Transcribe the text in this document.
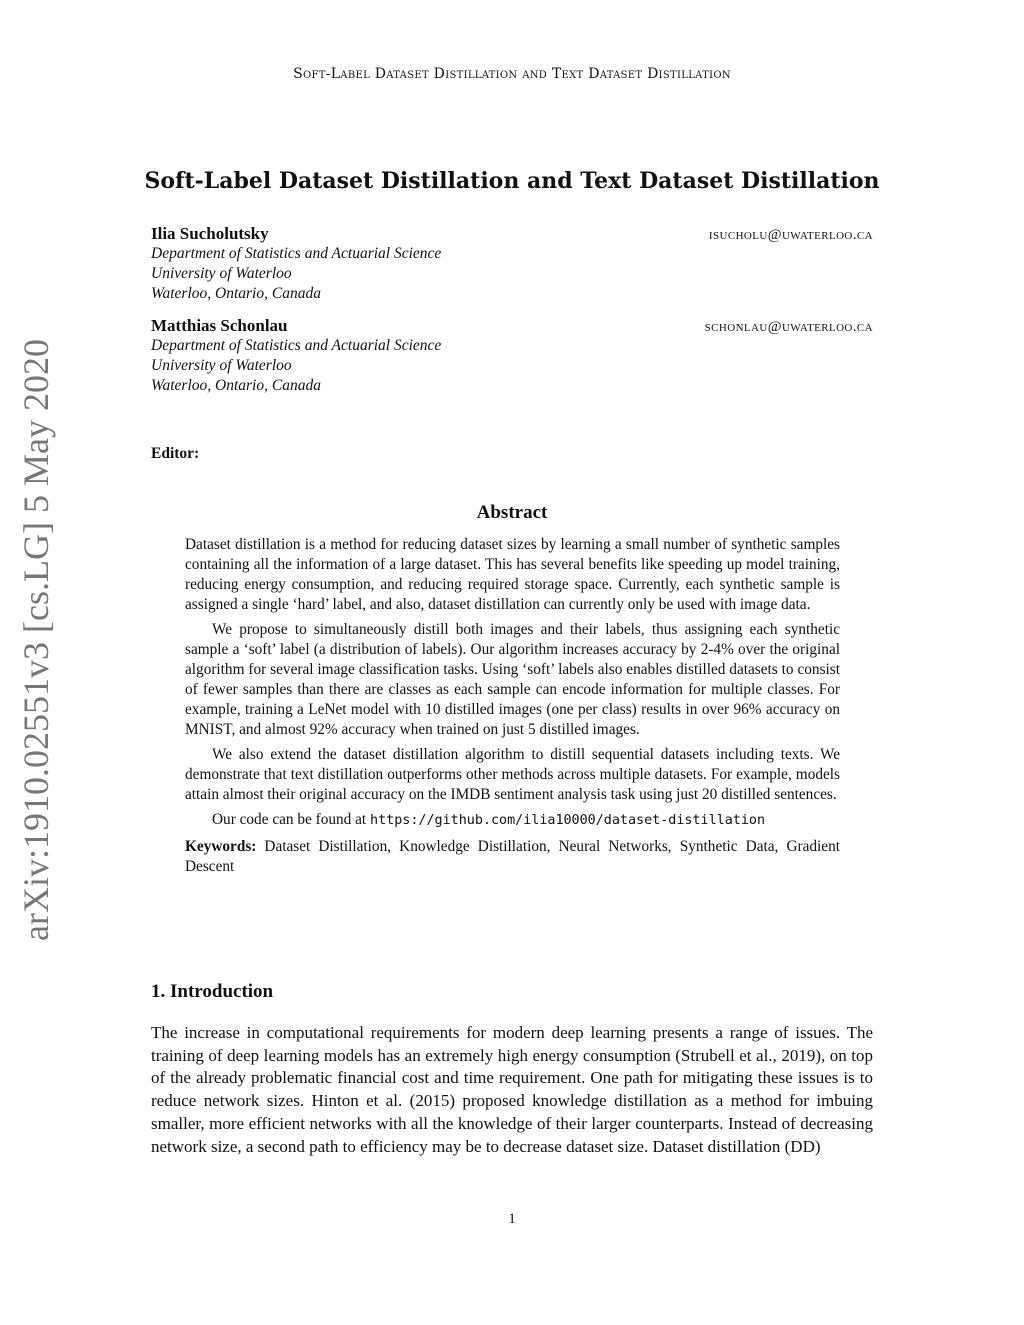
Soft-Label Dataset Distillation and Text Dataset Distillation
arXiv:1910.02551v3 [cs.LG] 5 May 2020
Soft-Label Dataset Distillation and Text Dataset Distillation
Ilia Sucholutsky	isucholu@uwaterloo.ca
Department of Statistics and Actuarial Science
University of Waterloo
Waterloo, Ontario, Canada
Matthias Schonlau	schonlau@uwaterloo.ca
Department of Statistics and Actuarial Science
University of Waterloo
Waterloo, Ontario, Canada
Editor:
Abstract

Dataset distillation is a method for reducing dataset sizes by learning a small number of synthetic samples containing all the information of a large dataset. This has several benefits like speeding up model training, reducing energy consumption, and reducing required storage space. Currently, each synthetic sample is assigned a single ‘hard’ label, and also, dataset distillation can currently only be used with image data.

We propose to simultaneously distill both images and their labels, thus assigning each synthetic sample a ‘soft’ label (a distribution of labels). Our algorithm increases accuracy by 2-4% over the original algorithm for several image classification tasks. Using ‘soft’ labels also enables distilled datasets to consist of fewer samples than there are classes as each sample can encode information for multiple classes. For example, training a LeNet model with 10 distilled images (one per class) results in over 96% accuracy on MNIST, and almost 92% accuracy when trained on just 5 distilled images.

We also extend the dataset distillation algorithm to distill sequential datasets including texts. We demonstrate that text distillation outperforms other methods across multiple datasets. For example, models attain almost their original accuracy on the IMDB sentiment analysis task using just 20 distilled sentences.

Our code can be found at https://github.com/ilia10000/dataset-distillation

Keywords: Dataset Distillation, Knowledge Distillation, Neural Networks, Synthetic Data, Gradient Descent
1. Introduction

The increase in computational requirements for modern deep learning presents a range of issues. The training of deep learning models has an extremely high energy consumption (Strubell et al., 2019), on top of the already problematic financial cost and time requirement. One path for mitigating these issues is to reduce network sizes. Hinton et al. (2015) proposed knowledge distillation as a method for imbuing smaller, more efficient networks with all the knowledge of their larger counterparts. Instead of decreasing network size, a second path to efficiency may be to decrease dataset size. Dataset distillation (DD)

1
